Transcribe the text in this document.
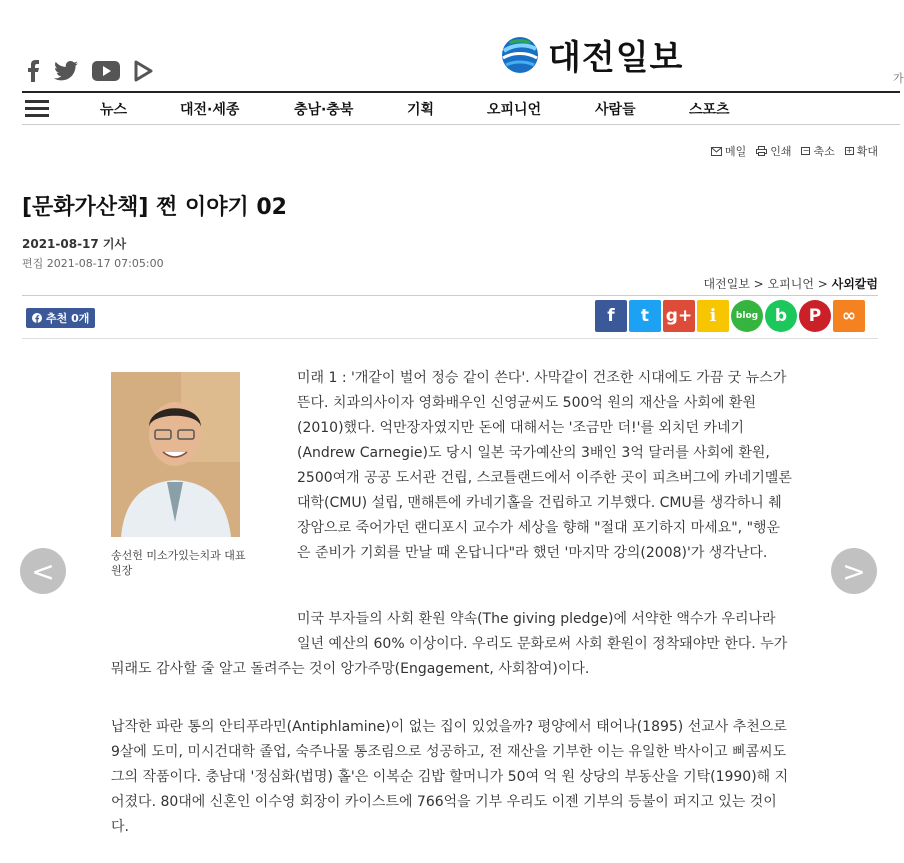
대전일보
가
뉴스	대전·세종	충남·충북	기획	오피니언	사람들	스포츠
메일 인쇄 − 축소 + 확대
[문화가산책] 쩐 이야기 02
2021-08-17 기사
편집 2021-08-17 07:05:00
대전일보 > 오피니언 > 사외칼럼
추천 0개	f	t g+	ℹ	blog b	P	∞
송선헌 미소가있는치과 대표원장
<	>

미래 1 : '개같이 벌어 정승 같이 쓴다'. 사막같이 건조한 시대에도 가끔 굿 뉴스가 뜬다. 치과의사이자 영화배우인 신영균씨도 500억 원의 재산을 사회에 환원(2010)했다. 억만장자였지만 돈에 대해서는 '조금만 더!'를 외치던 카네기(Andrew Carnegie)도 당시 일본 국가예산의 3배인 3억 달러를 사회에 환원, 2500여개 공공 도서관 건립, 스코틀랜드에서 이주한 곳이 피츠버그에 카네기멜론대학(CMU) 설립, 맨해튼에 카네기홀을 건립하고 기부했다. CMU를 생각하니 췌장암으로 죽어가던 랜디포시 교수가 세상을 향해 "절대 포기하지 마세요", "행운은 준비가 기회를 만날 때 온답니다"라 했던 '마지막 강의(2008)'가 생각난다.

미국 부자들의 사회 환원 약속(The giving pledge)에 서약한 액수가 우리나라 일년 예산의 60% 이상이다. 우리도 문화로써 사회 환원이 정착돼야만 한다. 누가

뭐래도 감사할 줄 알고 돌려주는 것이 앙가주망(Engagement, 사회참여)이다.

납작한 파란 통의 안티푸라민(Antiphlamine)이 없는 집이 있었을까? 평양에서 태어나(1895) 선교사 추천으로 9살에 도미, 미시건대학 졸업, 숙주나물 통조림으로 성공하고, 전 재산을 기부한 이는 유일한 박사이고 삐콤씨도 그의 작품이다. 충남대 '정심화(법명) 홀'은 이복순 김밥 할머니가 50여 억 원 상당의 부동산을 기탁(1990)해 지어졌다. 80대에 신혼인 이수영 회장이 카이스트에 766억을 기부 우리도 이젠 기부의 등불이 퍼지고 있는 것이다.
